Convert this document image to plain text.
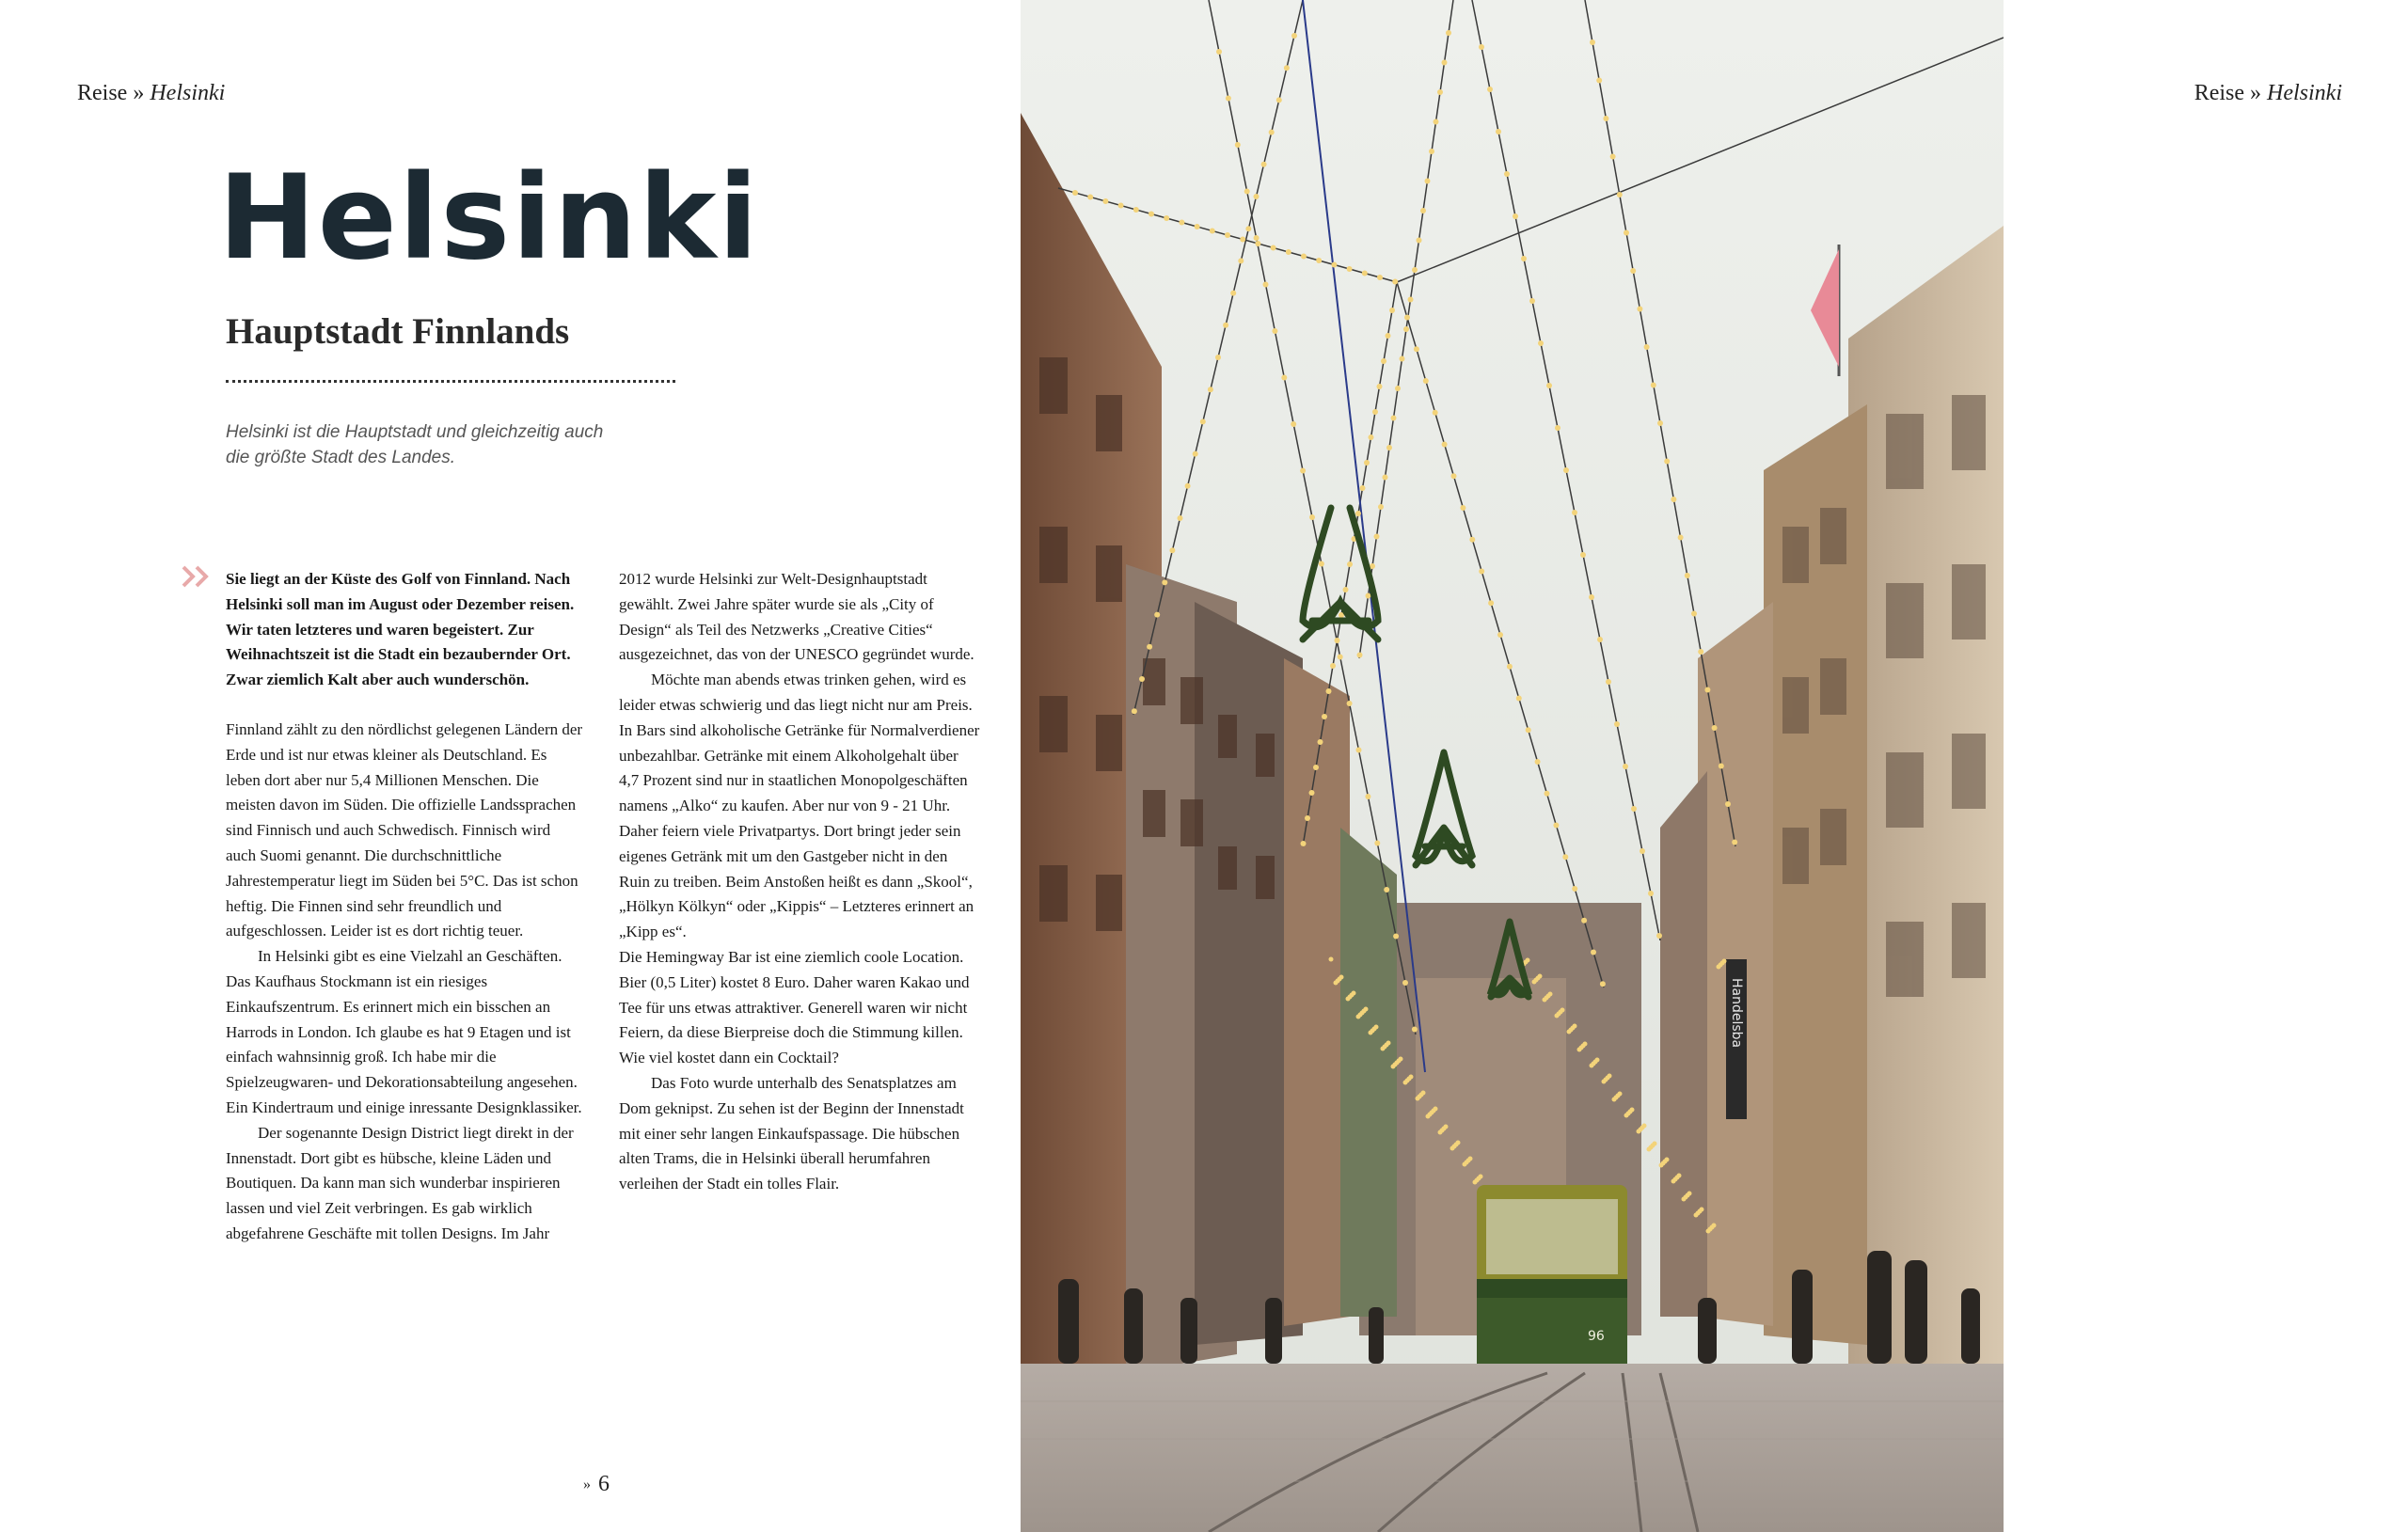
Reise » Helsinki	Reise » Helsinki
Helsinki
Hauptstadt Finnlands

Helsinki ist die Hauptstadt und gleichzeitig auch die größte Stadt des Landes.

Sie liegt an der Küste des Golf von Finnland. Nach Helsinki soll man im August oder Dezember reisen. Wir taten letzteres und waren begeistert. Zur Weihnachtszeit ist die Stadt ein bezaubernder Ort. Zwar ziemlich Kalt aber auch wunderschön.

Finnland zählt zu den nördlichst gelegenen Ländern der Erde und ist nur etwas kleiner als Deutschland. Es leben dort aber nur 5,4 Millionen Menschen. Die meisten davon im Süden. Die offizielle Landssprachen sind Finnisch und auch Schwedisch. Finnisch wird auch Suomi genannt. Die durchschnittliche Jahrestemperatur liegt im Süden bei 5°C. Das ist schon heftig. Die Finnen sind sehr freundlich und aufgeschlossen. Leider ist es dort richtig teuer.

In Helsinki gibt es eine Vielzahl an Geschäften. Das Kaufhaus Stockmann ist ein riesiges Einkaufszentrum. Es erinnert mich ein bisschen an Harrods in London. Ich glaube es hat 9 Etagen und ist einfach wahnsinnig groß. Ich habe mir die Spielzeugwaren- und Dekorationsabteilung angesehen. Ein Kindertraum und einige inressante Designklassiker.

Der sogenannte Design District liegt direkt in der Innenstadt. Dort gibt es hübsche, kleine Läden und Boutiquen. Da kann man sich wunderbar inspirieren lassen und viel Zeit verbringen. Es gab wirklich abgefahrene Geschäfte mit tollen Designs. Im Jahr

2012 wurde Helsinki zur Welt-Designhauptstadt gewählt. Zwei Jahre später wurde sie als „City of Design“ als Teil des Netzwerks „Creative Cities“ ausgezeichnet, das von der UNESCO gegründet wurde.

Möchte man abends etwas trinken gehen, wird es leider etwas schwierig und das liegt nicht nur am Preis. In Bars sind alkoholische Getränke für Normalverdiener unbezahlbar. Getränke mit einem Alkoholgehalt über 4,7 Prozent sind nur in staatlichen Monopolgeschäften namens „Alko“ zu kaufen. Aber nur von 9 - 21 Uhr. Daher feiern viele Privatpartys. Dort bringt jeder sein eigenes Getränk mit um den Gastgeber nicht in den Ruin zu treiben. Beim Anstoßen heißt es dann „Skool“, „Hölkyn Kölkyn“ oder „Kippis“ – Letzteres erinnert an „Kipp es“.

Die Hemingway Bar ist eine ziemlich coole Location. Bier (0,5 Liter) kostet 8 Euro. Daher waren Kakao und Tee für uns etwas attraktiver. Generell waren wir nicht Feiern, da diese Bierpreise doch die Stimmung killen. Wie viel kostet dann ein Cocktail?

Das Foto wurde unterhalb des Senatsplatzes am Dom geknipst. Zu sehen ist der Beginn der Innenstadt mit einer sehr langen Einkaufspassage. Die hübschen alten Trams, die in Helsinki überall herumfahren verleihen der Stadt ein tolles Flair.

» 6
Handelsba
96
